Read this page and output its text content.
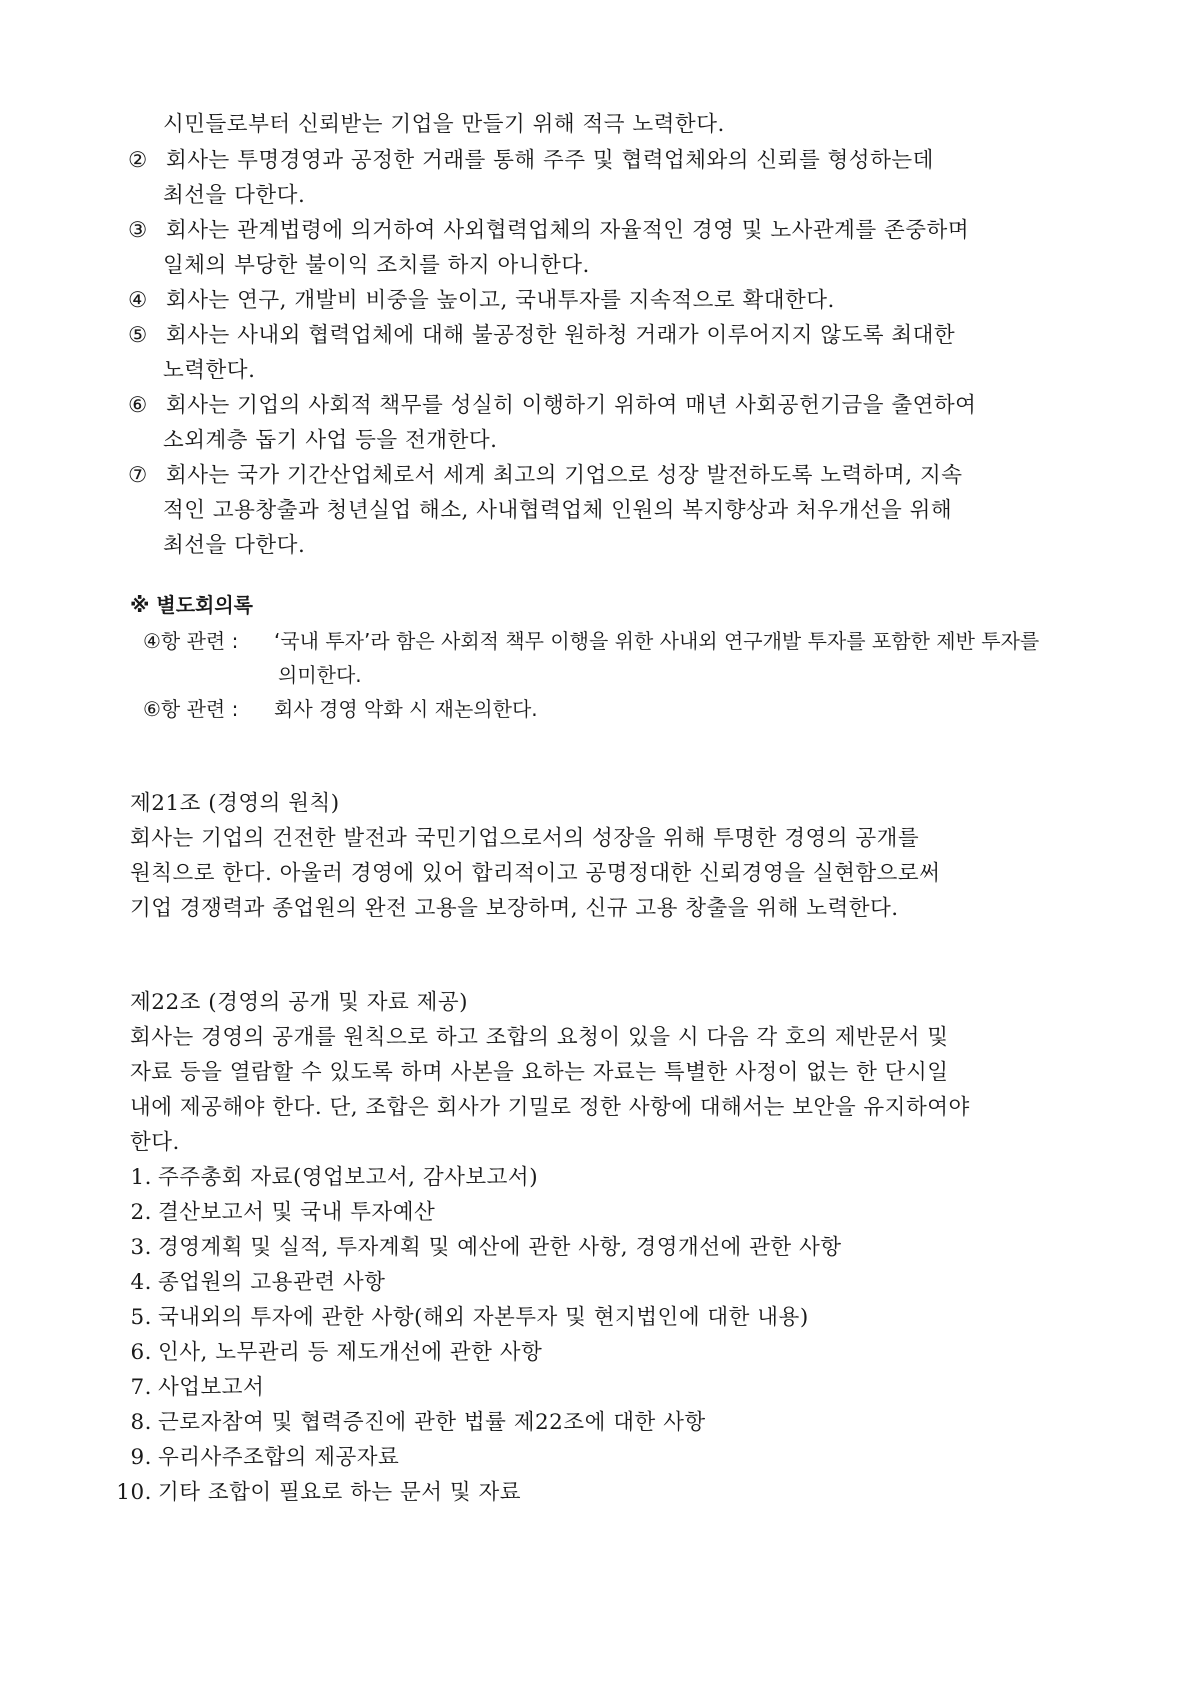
시민들로부터 신뢰받는 기업을 만들기 위해 적극 노력한다.
② 회사는 투명경영과 공정한 거래를 통해 주주 및 협력업체와의 신뢰를 형성하는데
최선을 다한다.
③ 회사는 관계법령에 의거하여 사외협력업체의 자율적인 경영 및 노사관계를 존중하며
일체의 부당한 불이익 조치를 하지 아니한다.
④ 회사는 연구, 개발비 비중을 높이고, 국내투자를 지속적으로 확대한다.
⑤ 회사는 사내외 협력업체에 대해 불공정한 원하청 거래가 이루어지지 않도록 최대한
노력한다.
⑥ 회사는 기업의 사회적 책무를 성실히 이행하기 위하여 매년 사회공헌기금을 출연하여
소외계층 돕기 사업 등을 전개한다.
⑦ 회사는 국가 기간산업체로서 세계 최고의 기업으로 성장 발전하도록 노력하며, 지속
적인 고용창출과 청년실업 해소, 사내협력업체 인원의 복지향상과 처우개선을 위해
최선을 다한다.
※ 별도회의록
④항 관련 : ‘국내 투자’라 함은 사회적 책무 이행을 위한 사내외 연구개발 투자를 포함한 제반 투자를
의미한다.
⑥항 관련 : 회사 경영 악화 시 재논의한다.
제21조 (경영의 원칙)
회사는 기업의 건전한 발전과 국민기업으로서의 성장을 위해 투명한 경영의 공개를
원칙으로 한다. 아울러 경영에 있어 합리적이고 공명정대한 신뢰경영을 실현함으로써
기업 경쟁력과 종업원의 완전 고용을 보장하며, 신규 고용 창출을 위해 노력한다.
제22조 (경영의 공개 및 자료 제공)
회사는 경영의 공개를 원칙으로 하고 조합의 요청이 있을 시 다음 각 호의 제반문서 및
자료 등을 열람할 수 있도록 하며 사본을 요하는 자료는 특별한 사정이 없는 한 단시일
내에 제공해야 한다. 단, 조합은 회사가 기밀로 정한 사항에 대해서는 보안을 유지하여야
한다.
1. 주주총회 자료(영업보고서, 감사보고서)
2. 결산보고서 및 국내 투자예산
3. 경영계획 및 실적, 투자계획 및 예산에 관한 사항, 경영개선에 관한 사항
4. 종업원의 고용관련 사항
5. 국내외의 투자에 관한 사항(해외 자본투자 및 현지법인에 대한 내용)
6. 인사, 노무관리 등 제도개선에 관한 사항
7. 사업보고서
8. 근로자참여 및 협력증진에 관한 법률 제22조에 대한 사항
9. 우리사주조합의 제공자료
10. 기타 조합이 필요로 하는 문서 및 자료
